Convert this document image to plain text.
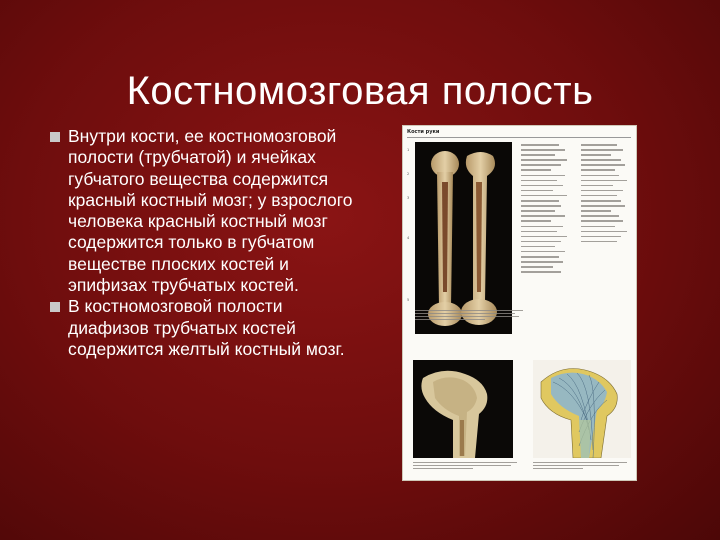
Костномозговая полость
Внутри кости, ее костномозговой полости (трубчатой) и ячейках губчатого вещества содержится красный костный мозг; у взрослого человека красный костный мозг содержится только в губчатом веществе плоских костей и эпифизах трубчатых костей.
В костномозговой полости диафизов трубчатых костей содержится желтый костный мозг.
Кости руки
1
2
3
4
5
